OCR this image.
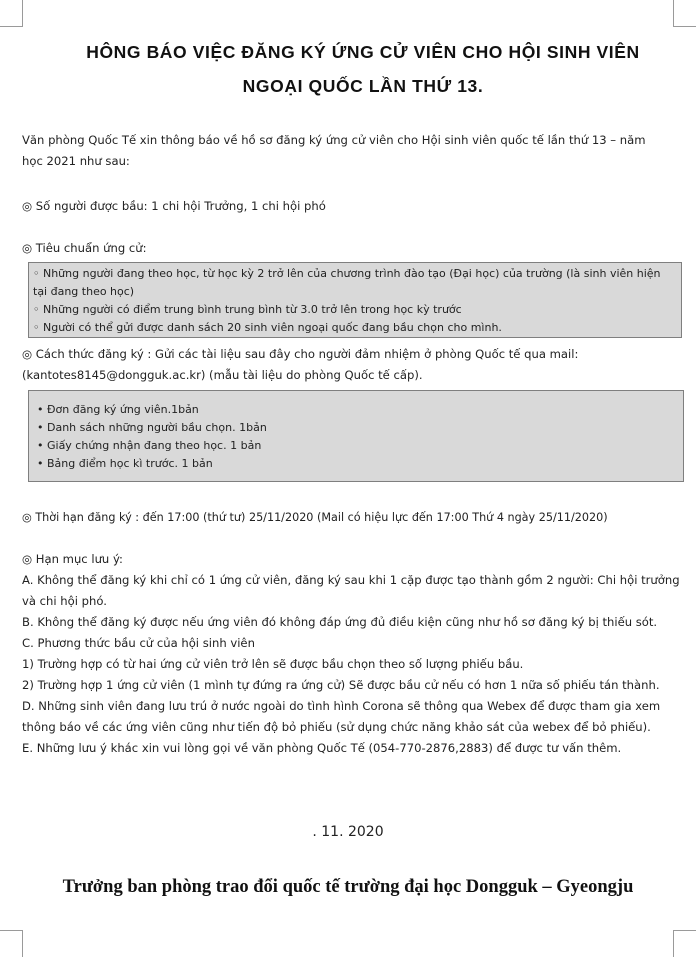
HÔNG BÁO VIỆC ĐĂNG KÝ ỨNG CỬ VIÊN CHO HỘI SINH VIÊN
NGOẠI QUỐC LẦN THỨ 13.
Văn phòng Quốc Tế xin thông báo về hồ sơ đăng ký ứng cử viên cho Hội sinh viên quốc tế lần thứ 13 – năm học 2021 như sau:
◎ Số người được bầu: 1 chi hội Trưởng, 1 chi hội phó
◎ Tiêu chuẩn ứng cử:
◦ Những người đang theo học, từ học kỳ 2 trở lên của chương trình đào tạo (Đại học) của trường (là sinh viên hiện tại đang theo học)
◦ Những người có điểm trung bình trung bình từ 3.0 trở lên trong học kỳ trước
◦ Người có thể gửi được danh sách 20 sinh viên ngoại quốc đang bầu chọn cho mình.
◎ Cách thức đăng ký : Gửi các tài liệu sau đây cho người đảm nhiệm ở phòng Quốc tế qua mail:
(kantotes8145@dongguk.ac.kr) (mẫu tài liệu do phòng Quốc tế cấp).
• Đơn đăng ký ứng viên.1bản
• Danh sách những người bầu chọn. 1bản
• Giấy chứng nhận đang theo học. 1 bản
• Bảng điểm học kì trước. 1 bản
◎ Thời hạn đăng ký : đến 17:00 (thứ tư) 25/11/2020 (Mail có hiệu lực đến 17:00 Thứ 4 ngày 25/11/2020)
◎ Hạn mục lưu ý:

A. Không thể đăng ký khi chỉ có 1 ứng cử viên, đăng ký sau khi 1 cặp được tạo thành gồm 2 người: Chi hội trưởng và chi hội phó.

B. Không thể đăng ký được nếu ứng viên đó không đáp ứng đủ điều kiện cũng như hồ sơ đăng ký bị thiếu sót.

C. Phương thức bầu cử của hội sinh viên

1) Trường hợp có từ hai ứng cử viên trở lên sẽ được bầu chọn theo số lượng phiếu bầu.

2) Trường hợp 1 ứng cử viên (1 mình tự đứng ra ứng cử) Sẽ được bầu cử nếu có hơn 1 nữa số phiếu tán thành.

D. Những sinh viên đang lưu trú ở nước ngoài do tình hình Corona sẽ thông qua Webex để được tham gia xem thông báo về các ứng viên cũng như tiến độ bỏ phiếu (sử dụng chức năng khảo sát của webex để bỏ phiếu).

E. Những lưu ý khác xin vui lòng gọi về văn phòng Quốc Tế (054-770-2876,2883) để được tư vấn thêm.

. 11. 2020
Trưởng ban phòng trao đổi quốc tế trường đại học Dongguk – Gyeongju
